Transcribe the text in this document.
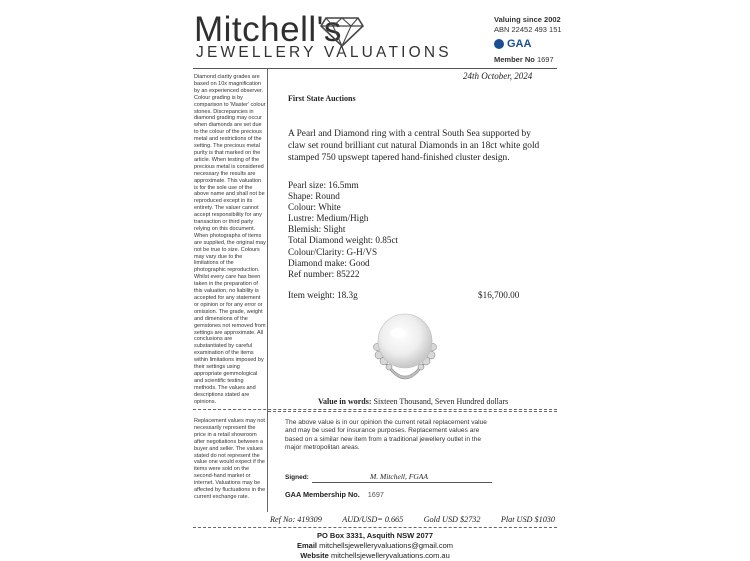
Mitchell's
JEWELLERY VALUATIONS
Valuing since 2002
ABN 22452 493 151
GAA
Member No 1697
Diamond clarity grades are based on 10x magnification by an experienced observer. Colour grading is by comparison to 'Master' colour stones. Discrepancies in diamond grading may occur when diamonds are set due to the colour of the precious metal and restrictions of the setting. The precious metal purity is that marked on the article. When testing of the precious metal is considered necessary the results are approximate. This valuation is for the sole use of the above name and shall not be reproduced except in its entirety. The valuer cannot accept responsibility for any transaction or third party relying on this document. When photographs of items are supplied, the original may not be true to size. Colours may vary due to the limitations of the photographic reproduction. Whilst every care has been taken in the preparation of this valuation, no liability is accepted for any statement or opinion or for any error or omission. The grade, weight and dimensions of the gemstones not removed from settings are approximate. All conclusions are substantiated by careful examination of the items within limitations imposed by their settings using appropriate gemmological and scientific testing methods. The values and descriptions stated are opinions.
Replacement values may not necessarily represent the price in a retail showroom after negotiations between a buyer and seller. The values stated do not represent the value one would expect if the items were sold on the second-hand market or internet. Valuations may be affected by fluctuations in the current exchange rate.
24th October, 2024
First State Auctions
A Pearl and Diamond ring with a central South Sea supported by claw set round brilliant cut natural Diamonds in an 18ct white gold stamped 750 upswept tapered hand-finished cluster design.
Pearl size: 16.5mm
Shape: Round
Colour: White
Lustre: Medium/High
Blemish: Slight
Total Diamond weight: 0.85ct
Colour/Clarity: G-H/VS
Diamond make: Good
Ref number: 85222
Item weight: 18.3g	$16,700.00
Value in words: Sixteen Thousand, Seven Hundred dollars
The above value is in our opinion the current retail replacement value and may be used for insurance purposes. Replacement values are based on a similar new item from a traditional jewellery outlet in the major metropolitan areas.
Signed:	M. Mitchell, FGAA
GAA Membership No. 1697
Ref No: 419309 AUD/USD= 0.665 Gold USD $2732 Plat USD $1030
PO Box 3331, Asquith NSW 2077
Email mitchellsjewelleryvaluations@gmail.com
Website mitchellsjewelleryvaluations.com.au
